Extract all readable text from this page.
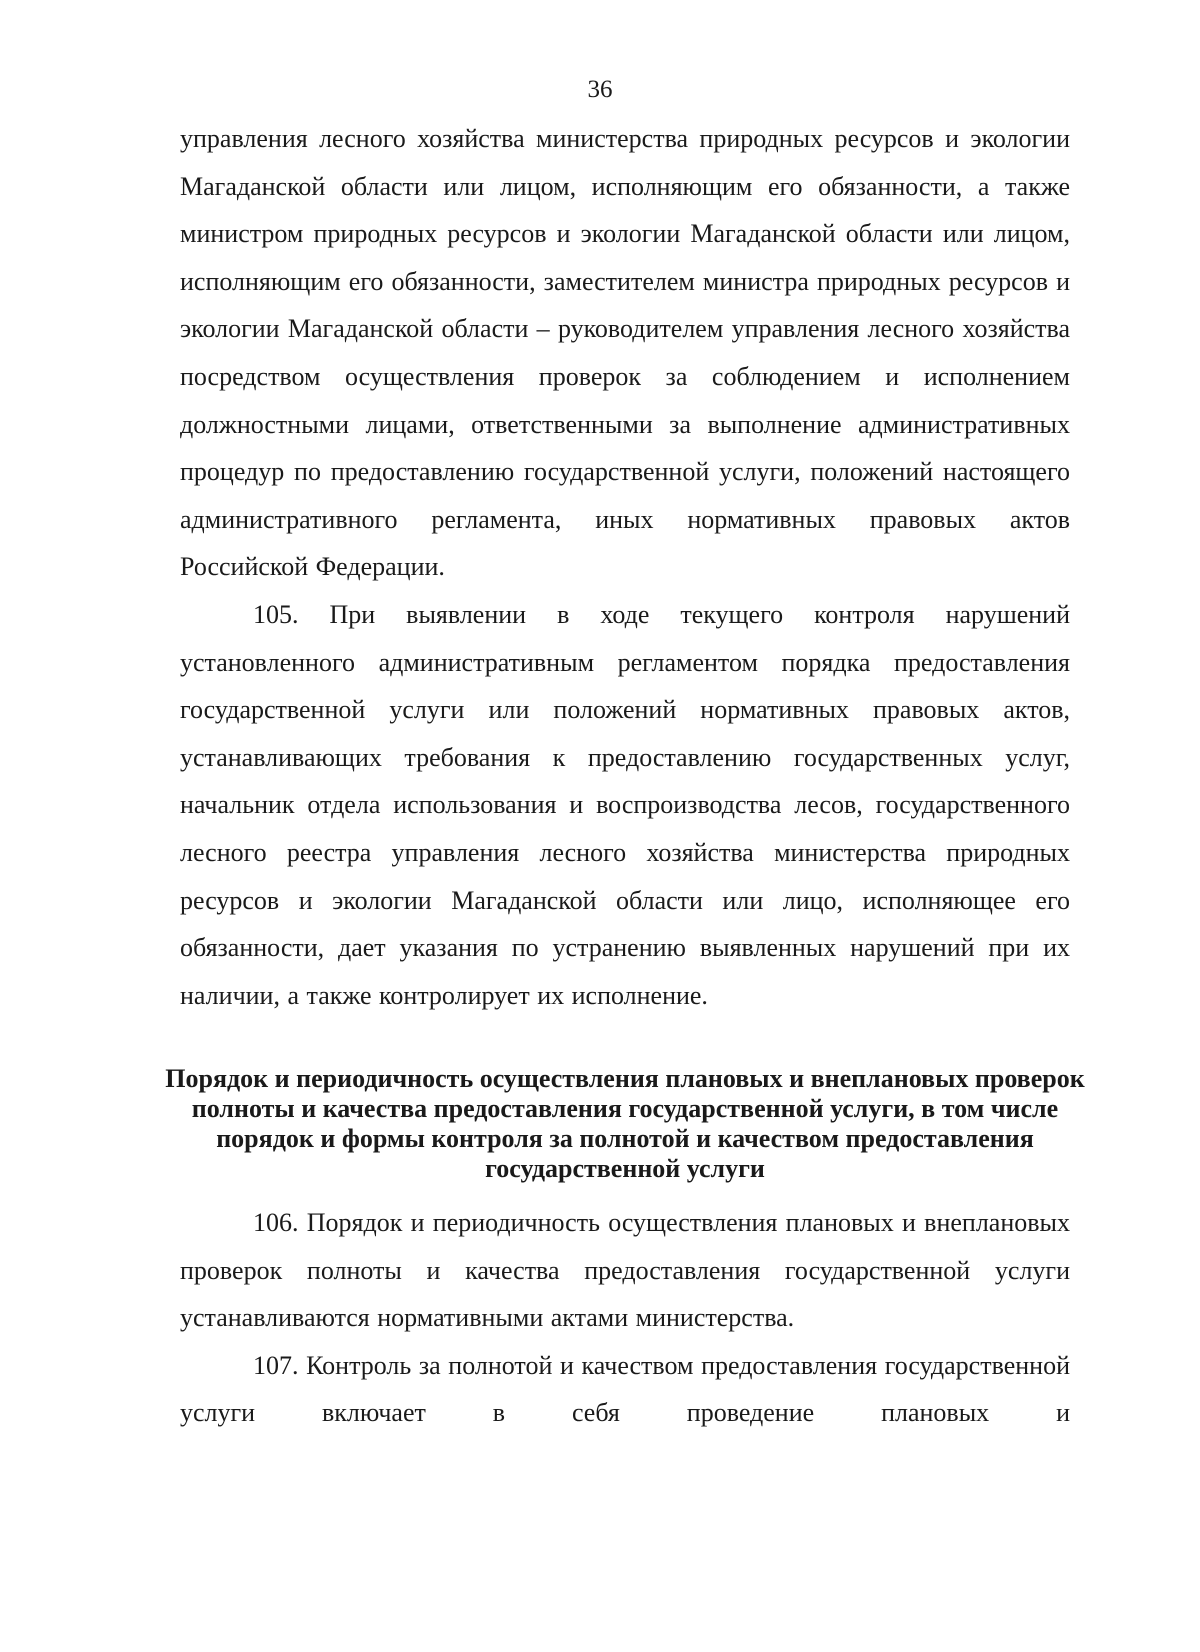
36

управления лесного хозяйства министерства природных ресурсов и экологии Магаданской области или лицом, исполняющим его обязанности, а также министром природных ресурсов и экологии Магаданской области или лицом, исполняющим его обязанности, заместителем министра природных ресурсов и экологии Магаданской области – руководителем управления лесного хозяйства посредством осуществления проверок за соблюдением и исполнением должностными лицами, ответственными за выполнение административных процедур по предоставлению государственной услуги, положений настоящего административного регламента, иных нормативных правовых актов Российской Федерации.

105. При выявлении в ходе текущего контроля нарушений установленного административным регламентом порядка предоставления государственной услуги или положений нормативных правовых актов, устанавливающих требования к предоставлению государственных услуг, начальник отдела использования и воспроизводства лесов, государственного лесного реестра управления лесного хозяйства министерства природных ресурсов и экологии Магаданской области или лицо, исполняющее его обязанности, дает указания по устранению выявленных нарушений при их наличии, а также контролирует их исполнение.

Порядок и периодичность осуществления плановых и внеплановых проверок полноты и качества предоставления государственной услуги, в том числе порядок и формы контроля за полнотой и качеством предоставления государственной услуги

106. Порядок и периодичность осуществления плановых и внеплановых проверок полноты и качества предоставления государственной услуги устанавливаются нормативными актами министерства.

107. Контроль за полнотой и качеством предоставления государственной услуги включает в себя проведение плановых и
